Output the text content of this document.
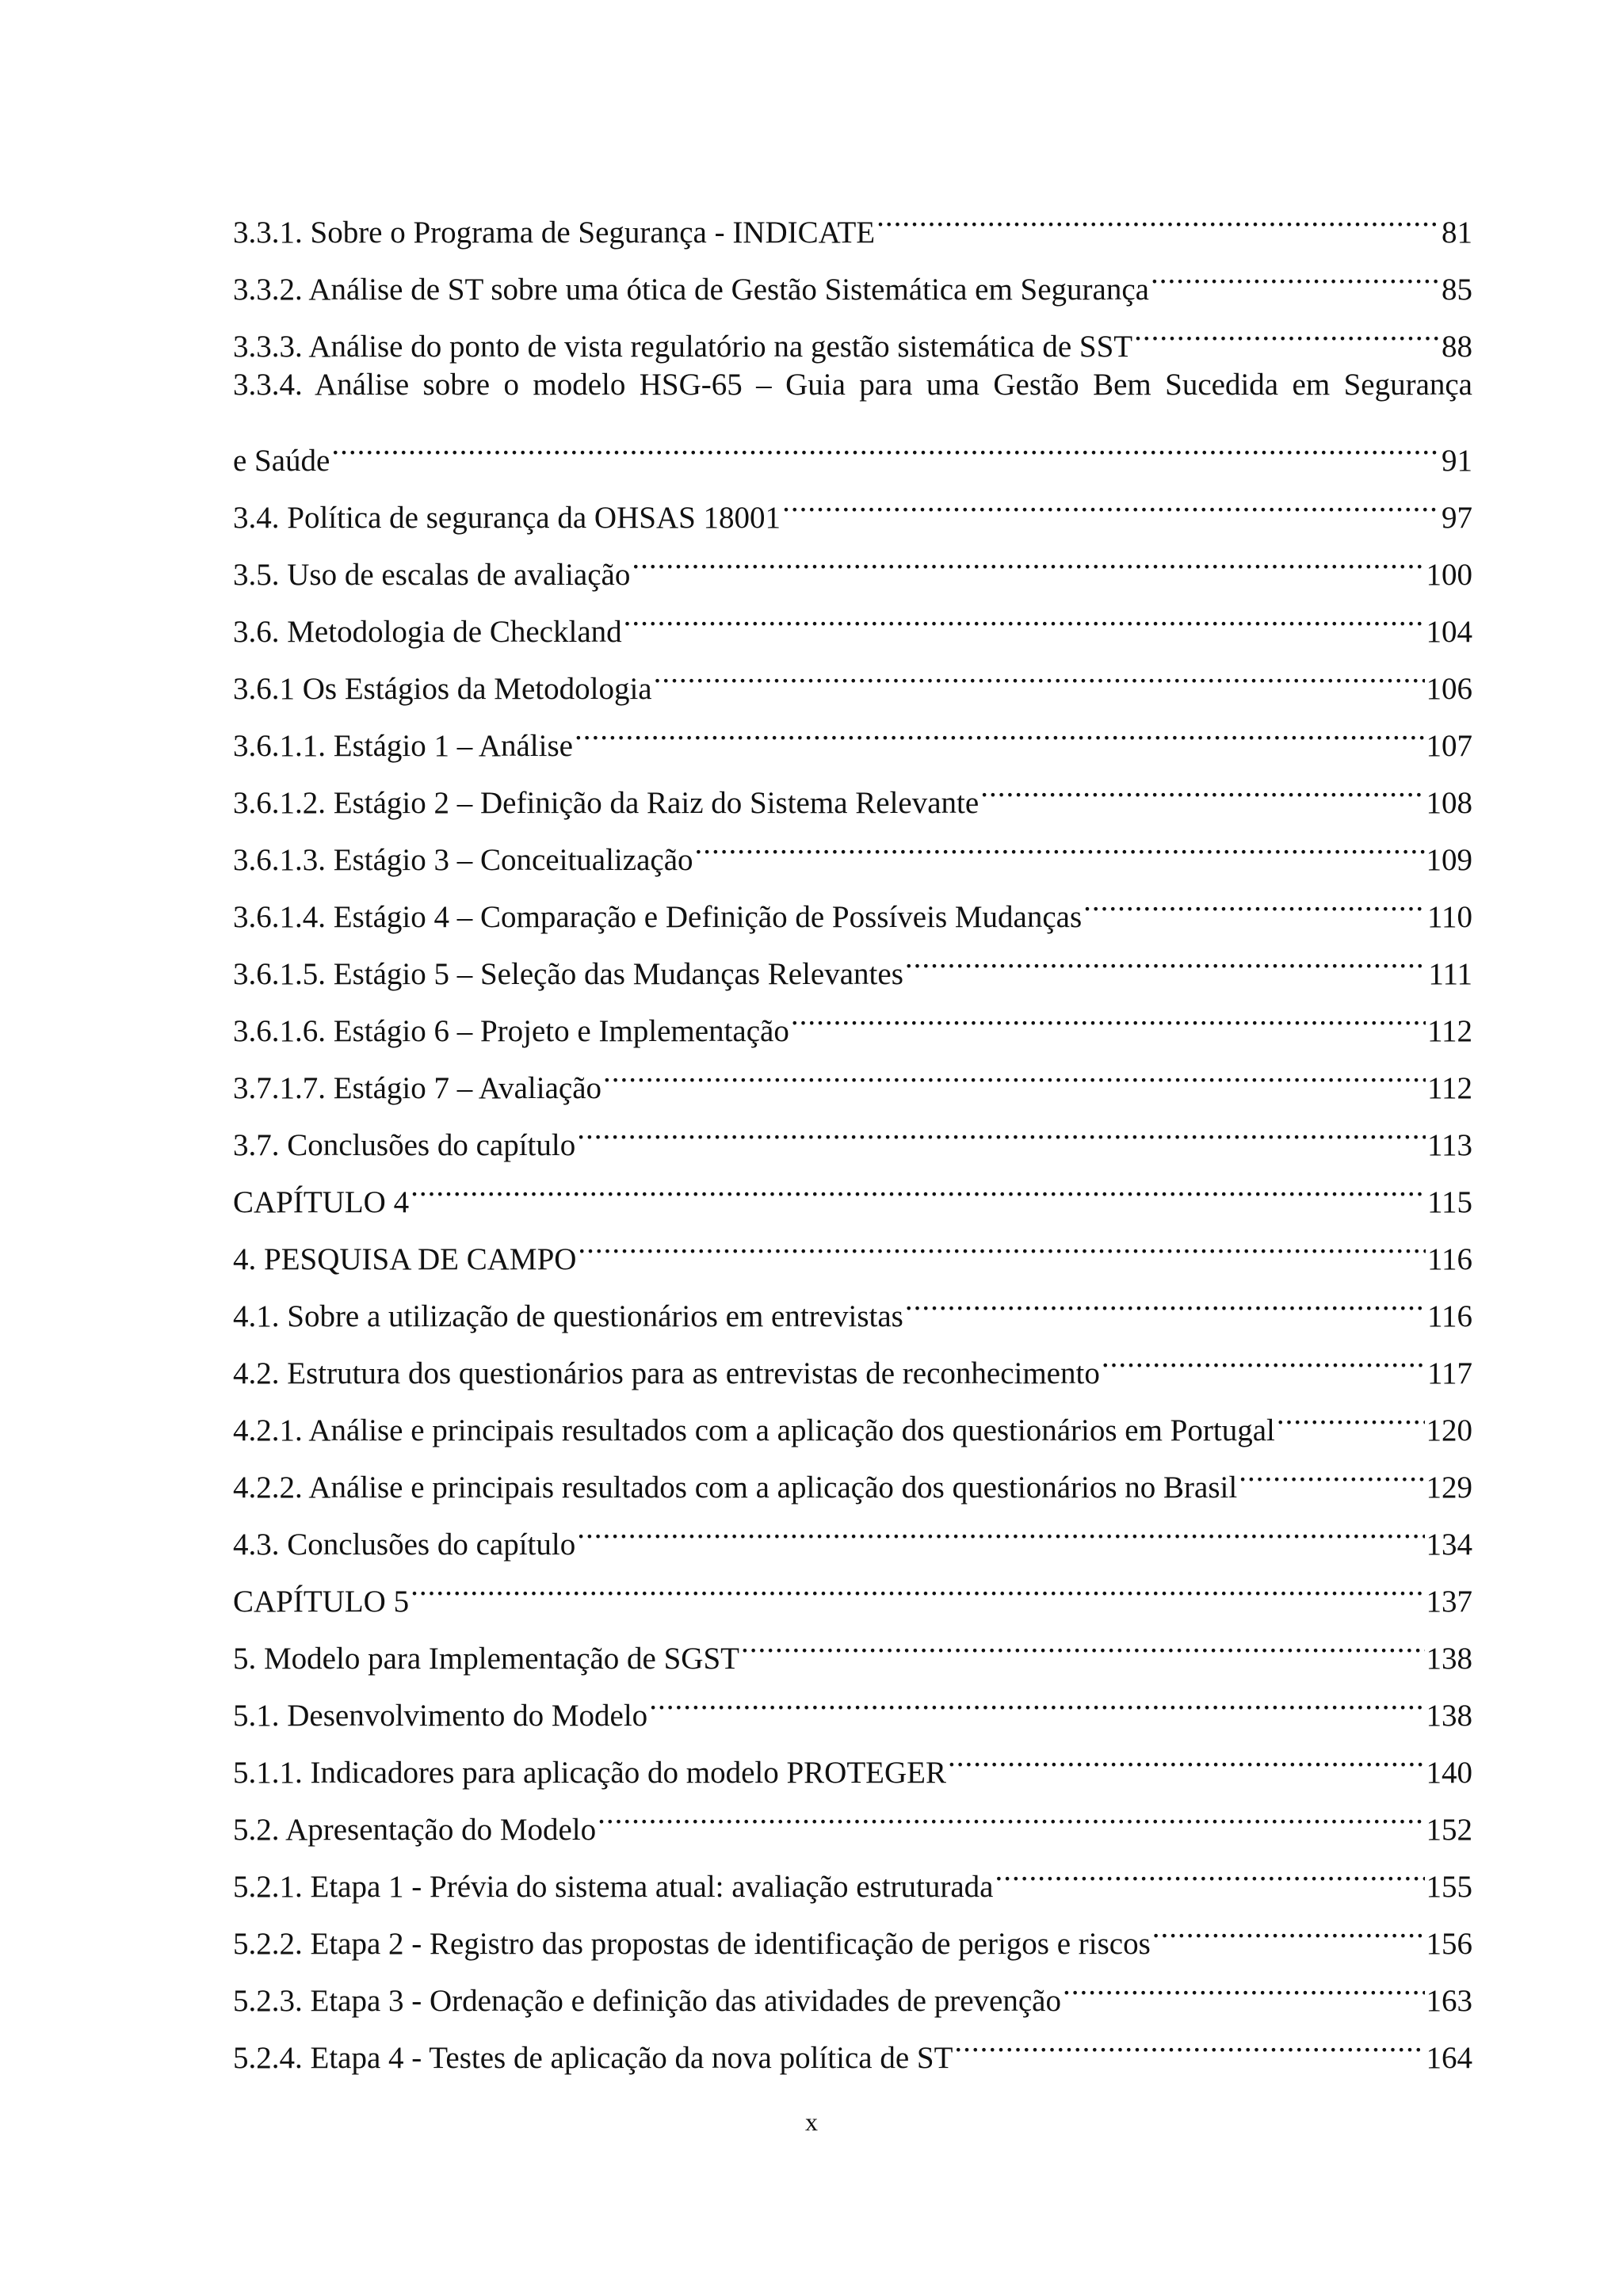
3.3.1. Sobre o Programa de Segurança - INDICATE .....	81
3.3.2. Análise de ST sobre uma ótica de Gestão Sistemática em Segurança .....	85
3.3.3. Análise do ponto de vista regulatório na gestão sistemática de SST .....	88
3.3.4. Análise sobre o modelo HSG-65 – Guia para uma Gestão Bem Sucedida em Segurança
e Saúde .....	91
3.4. Política de segurança da OHSAS 18001 .....	97
3.5. Uso de escalas de avaliação .....	100
3.6. Metodologia de Checkland .....	104
3.6.1 Os Estágios da Metodologia .....	106
3.6.1.1. Estágio 1 – Análise .....	107
3.6.1.2. Estágio 2 – Definição da Raiz do Sistema Relevante .....	108
3.6.1.3. Estágio 3 – Conceitualização .....	109
3.6.1.4. Estágio 4 – Comparação e Definição de Possíveis Mudanças .....	110
3.6.1.5. Estágio 5 – Seleção das Mudanças Relevantes .....	111
3.6.1.6. Estágio 6 – Projeto e Implementação .....	112
3.7.1.7. Estágio 7 – Avaliação .....	112
3.7. Conclusões do capítulo .....	113
CAPÍTULO 4 .....	115
4. PESQUISA DE CAMPO .....	116
4.1. Sobre a utilização de questionários em entrevistas .....	116
4.2. Estrutura dos questionários para as entrevistas de reconhecimento .....	117
4.2.1. Análise e principais resultados com a aplicação dos questionários em Portugal .....	120
4.2.2. Análise e principais resultados com a aplicação dos questionários no Brasil .....	129
4.3. Conclusões do capítulo .....	134
CAPÍTULO 5 .....	137
5. Modelo para Implementação de SGST .....	138
5.1. Desenvolvimento do Modelo .....	138
5.1.1. Indicadores para aplicação do modelo PROTEGER .....	140
5.2. Apresentação do Modelo .....	152
5.2.1. Etapa 1 - Prévia do sistema atual: avaliação estruturada .....	155
5.2.2. Etapa 2 - Registro das propostas de identificação de perigos e riscos .....	156
5.2.3. Etapa 3 - Ordenação e definição das atividades de prevenção .....	163
5.2.4. Etapa 4 - Testes de aplicação da nova política de ST .....	164
x
